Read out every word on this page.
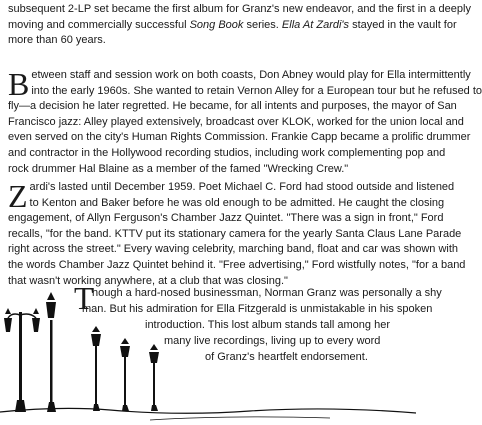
subsequent 2-LP set became the first album for Granz's new endeavor, and the first in a deeply
moving and commercially successful Song Book series. Ella At Zardi's stayed in the vault for
more than 60 years.

B etween staff and session work on both coasts, Don Abney would play for Ella intermittently
into the early 1960s. She wanted to retain Vernon Alley for a European tour but he refused to
fly—a decision he later regretted. He became, for all intents and purposes, the mayor of San
Francisco jazz: Alley played extensively, broadcast over KLOK, worked for the union local and
even served on the city's Human Rights Commission. Frankie Capp became a prolific drummer
and contractor in the Hollywood recording studios, including work complementing pop and
rock drummer Hal Blaine as a member of the famed "Wrecking Crew."

Z ardi's lasted until December 1959. Poet Michael C. Ford had stood outside and listened
to Kenton and Baker before he was old enough to be admitted. He caught the closing
engagement, of Allyn Ferguson's Chamber Jazz Quintet. "There was a sign in front," Ford
recalls, "for the band. KTTV put its stationary camera for the yearly Santa Claus Lane Parade
right across the street." Every waving celebrity, marching band, float and car was shown with
the words Chamber Jazz Quintet behind it. "Free advertising," Ford wistfully notes, "for a band
that wasn't working anywhere, at a club that was closing."

T
hough a hard-nosed businessman, Norman Granz was personally a shy
man. But his admiration for Ella Fitzgerald is unmistakable in his spoken
introduction. This lost album stands tall among her
many live recordings, living up to every word
of Granz's heartfelt endorsement.
